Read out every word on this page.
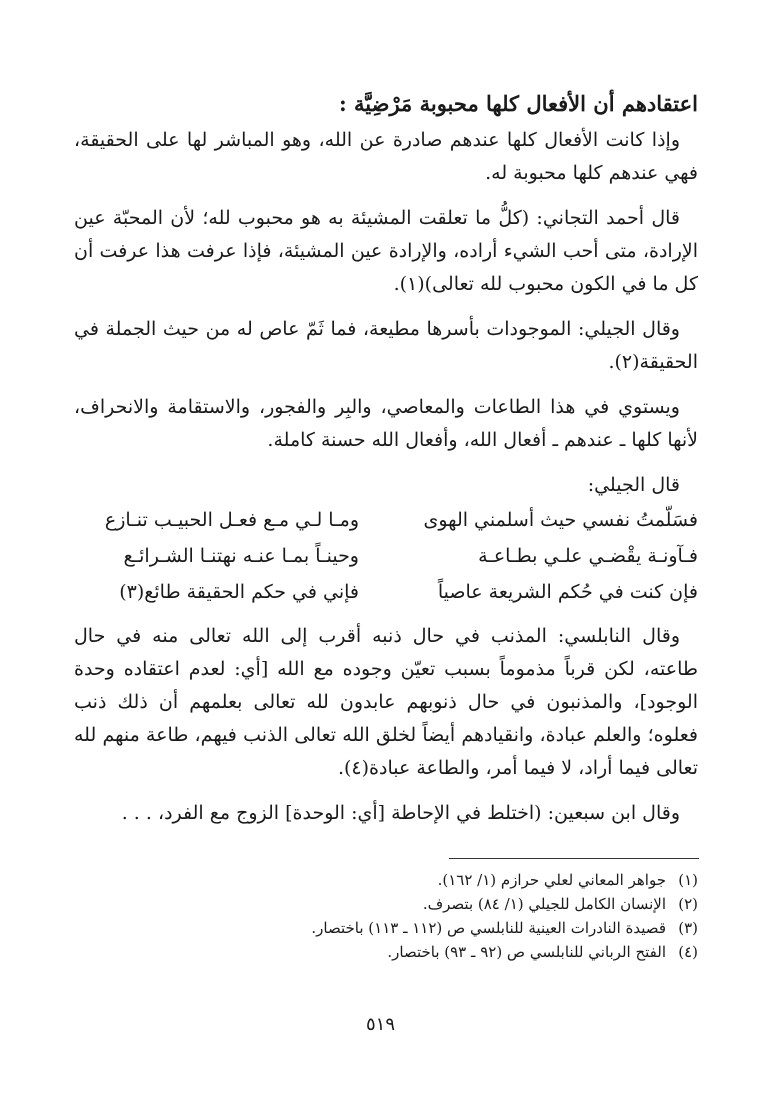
اعتقادهم أن الأفعال كلها محبوبة مَرْضِيَّة :

وإذا كانت الأفعال كلها عندهم صادرة عن الله، وهو المباشر لها على الحقيقة، فهي عندهم كلها محبوبة له.

قال أحمد التجاني: (كلُّ ما تعلقت المشيئة به هو محبوب لله؛ لأن المحبّة عين الإرادة، متى أحب الشيء أراده، والإرادة عين المشيئة، فإذا عرفت هذا عرفت أن كل ما في الكون محبوب لله تعالى)(١).

وقال الجيلي: الموجودات بأسرها مطيعة، فما ثَمّ عاص له من حيث الجملة في الحقيقة(٢).

ويستوي في هذا الطاعات والمعاصي، والبِر والفجور، والاستقامة والانحراف، لأنها كلها ـ عندهم ـ أفعال الله، وأفعال الله حسنة كاملة.

قال الجيلي:

فسَلّمتُ نفسي حيث أسلمني الهوى
ومـا لـي مـع فعـل الحبيـب تنـازع
فـآونـة يقْضـي علـي بطـاعـة
وحينـاً بمـا عنـه نهتنـا الشـرائـع
فإن كنت في حُكم الشريعة عاصياً
فإني في حكم الحقيقة طائع(٣)

وقال النابلسي: المذنب في حال ذنبه أقرب إلى الله تعالى منه في حال طاعته، لكن قرباً مذموماً بسبب تعيّن وجوده مع الله [أي: لعدم اعتقاده وحدة الوجود]، والمذنبون في حال ذنوبهم عابدون لله تعالى بعلمهم أن ذلك ذنب فعلوه؛ والعلم عبادة، وانقيادهم أيضاً لخلق الله تعالى الذنب فيهم، طاعة منهم لله تعالى فيما أراد، لا فيما أمر، والطاعة عبادة(٤).

وقال ابن سبعين: (اختلط في الإحاطة [أي: الوحدة] الزوج مع الفرد، . . .

(١)
جواهر المعاني لعلي حرازم (١/ ١٦٢).
(٢)
الإنسان الكامل للجيلي (١/ ٨٤) بتصرف.
(٣)
قصيدة النادرات العينية للنابلسي ص (١١٢ ـ ١١٣) باختصار.
(٤)
الفتح الرباني للنابلسي ص (٩٢ ـ ٩٣) باختصار.
٥١٩
